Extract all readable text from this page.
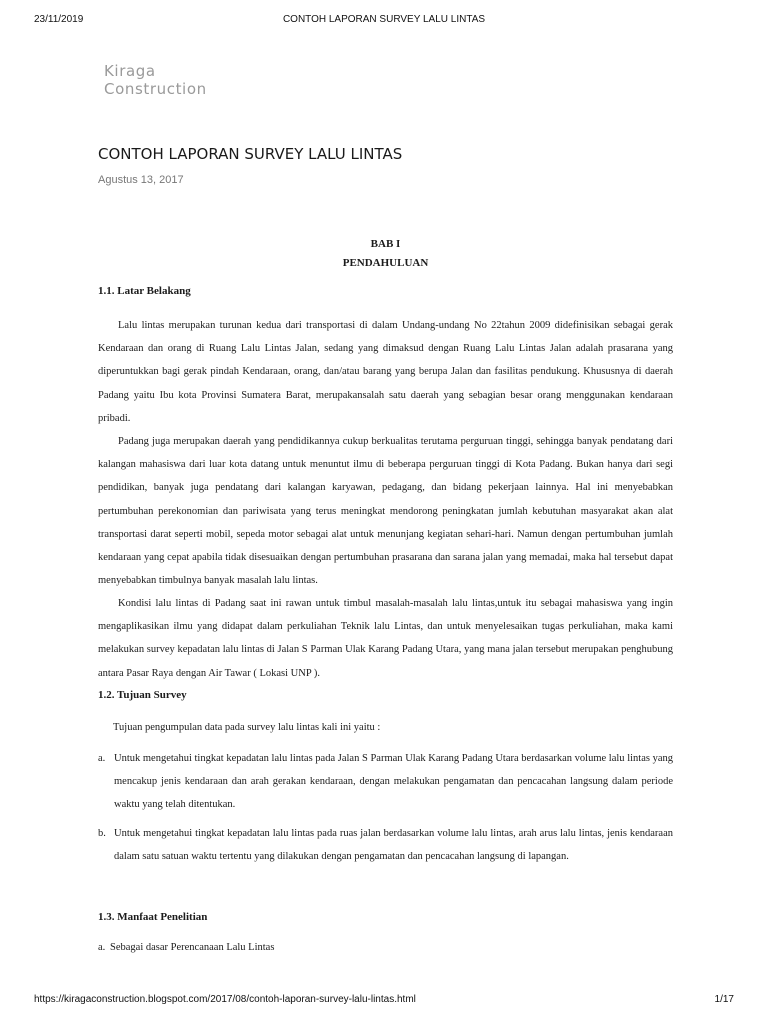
23/11/2019	CONTOH LAPORAN SURVEY LALU LINTAS
Kiraga
Construction
CONTOH LAPORAN SURVEY LALU LINTAS
Agustus 13, 2017
BAB I
PENDAHULUAN
1.1. Latar Belakang

Lalu lintas merupakan turunan kedua dari transportasi di dalam Undang-undang No 22tahun 2009 didefinisikan sebagai gerak Kendaraan dan orang di Ruang Lalu Lintas Jalan, sedang yang dimaksud dengan Ruang Lalu Lintas Jalan adalah prasarana yang diperuntukkan bagi gerak pindah Kendaraan, orang, dan/atau barang yang berupa Jalan dan fasilitas pendukung. Khususnya di daerah Padang yaitu Ibu kota Provinsi Sumatera Barat, merupakansalah satu daerah yang sebagian besar orang menggunakan kendaraan pribadi.

Padang juga merupakan daerah yang pendidikannya cukup berkualitas terutama perguruan tinggi, sehingga banyak pendatang dari kalangan mahasiswa dari luar kota datang untuk menuntut ilmu di beberapa perguruan tinggi di Kota Padang. Bukan hanya dari segi pendidikan, banyak juga pendatang dari kalangan karyawan, pedagang, dan bidang pekerjaan lainnya. Hal ini menyebabkan pertumbuhan perekonomian dan pariwisata yang terus meningkat mendorong peningkatan jumlah kebutuhan masyarakat akan alat transportasi darat seperti mobil, sepeda motor sebagai alat untuk menunjang kegiatan sehari-hari. Namun dengan pertumbuhan jumlah kendaraan yang cepat apabila tidak disesuaikan dengan pertumbuhan prasarana dan sarana jalan yang memadai, maka hal tersebut dapat menyebabkan timbulnya banyak masalah lalu lintas.

Kondisi lalu lintas di Padang saat ini rawan untuk timbul masalah-masalah lalu lintas,untuk itu sebagai mahasiswa yang ingin mengaplikasikan ilmu yang didapat dalam perkuliahan Teknik lalu Lintas, dan untuk menyelesaikan tugas perkuliahan, maka kami melakukan survey kepadatan lalu lintas di Jalan S Parman Ulak Karang Padang Utara, yang mana jalan tersebut merupakan penghubung antara Pasar Raya dengan Air Tawar ( Lokasi UNP ).

1.2. Tujuan Survey
Tujuan pengumpulan data pada survey lalu lintas kali ini yaitu :
a. Untuk mengetahui tingkat kepadatan lalu lintas pada Jalan S Parman Ulak Karang Padang Utara berdasarkan volume lalu lintas yang mencakup jenis kendaraan dan arah gerakan kendaraan, dengan melakukan pengamatan dan pencacahan langsung dalam periode waktu yang telah ditentukan.
b. Untuk mengetahui tingkat kepadatan lalu lintas pada ruas jalan berdasarkan volume lalu lintas, arah arus lalu lintas, jenis kendaraan dalam satu satuan waktu tertentu yang dilakukan dengan pengamatan dan pencacahan langsung di lapangan.
1.3. Manfaat Penelitian
a. Sebagai dasar Perencanaan Lalu Lintas
https://kiragaconstruction.blogspot.com/2017/08/contoh-laporan-survey-lalu-lintas.html	1/17
